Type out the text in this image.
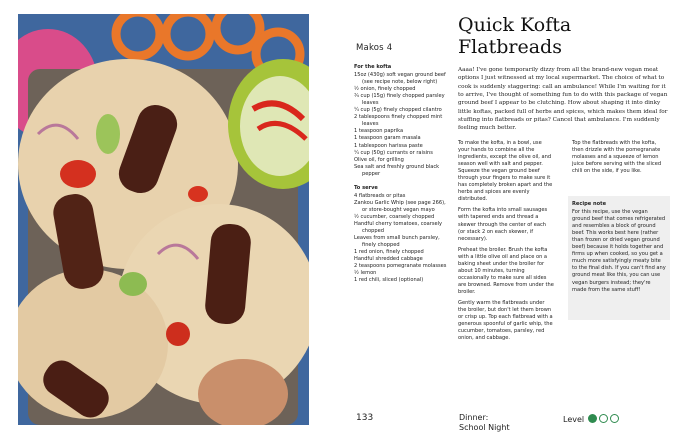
Makos 4
Quick Kofta
Flatbreads
For the kofta
15oz (430g) soft vegan ground beef (see recipe note, below right)
½ onion, finely chopped
¾ cup (15g) finely chopped parsley leaves
¼ cup (5g) finely chopped cilantro
2 tablespoons finely chopped mint leaves
1 teaspoon paprika
1 teaspoon garam masala
1 tablespoon harissa paste
¼ cup (50g) currants or raisins
Olive oil, for grilling
Sea salt and freshly ground black pepper
To serve
4 flatbreads or pitas
Zankou Garlic Whip (see page 266), or store-bought vegan mayo
½ cucumber, coarsely chopped
Handful cherry tomatoes, coarsely chopped
Leaves from small bunch parsley, finely chopped
1 red onion, finely chopped
Handful shredded cabbage
2 teaspoons pomegranate molasses
½ lemon
1 red chili, sliced (optional)
Aaaa! I've gone temporarily dizzy from all the brand-new vegan meat options I just witnessed at my local supermarket. The choice of what to cook is suddenly staggering: call an ambulance! While I'm waiting for it to arrive, I've thought of something fun to do with this package of vegan ground beef I appear to be clutching. How about shaping it into dinky little koftas, packed full of herbs and spices, which makes them ideal for stuffing into flatbreads or pitas? Cancel that ambulance. I'm suddenly feeling much better.

To make the kofta, in a bowl, use your hands to combine all the ingredients, except the olive oil, and season well with salt and pepper. Squeeze the vegan ground beef through your fingers to make sure it has completely broken apart and the herbs and spices are evenly distributed.

Form the kofta into small sausages with tapered ends and thread a skewer through the center of each (or stack 2 on each skewer, if necessary).

Preheat the broiler. Brush the kofta with a little olive oil and place on a baking sheet under the broiler for about 10 minutes, turning occasionally to make sure all sides are browned. Remove from under the broiler.

Gently warm the flatbreads under the broiler, but don't let them brown or crisp up. Top each flatbread with a generous spoonful of garlic whip, the cucumber, tomatoes, parsley, red onion, and cabbage.

Top the flatbreads with the kofta, then drizzle with the pomegranate molasses and a squeeze of lemon juice before serving with the sliced chili on the side, if you like.

Recipe note
For this recipe, use the vegan ground beef that comes refrigerated and resembles a block of ground beef. This works best here (rather than frozen or dried vegan ground beef) because it holds together and firms up when cooked, so you get a much more satisfyingly meaty bite to the final dish. If you can't find any ground meat like this, you can use vegan burgers instead; they're made from the same stuff!
133	Dinner:
School Night
Level
